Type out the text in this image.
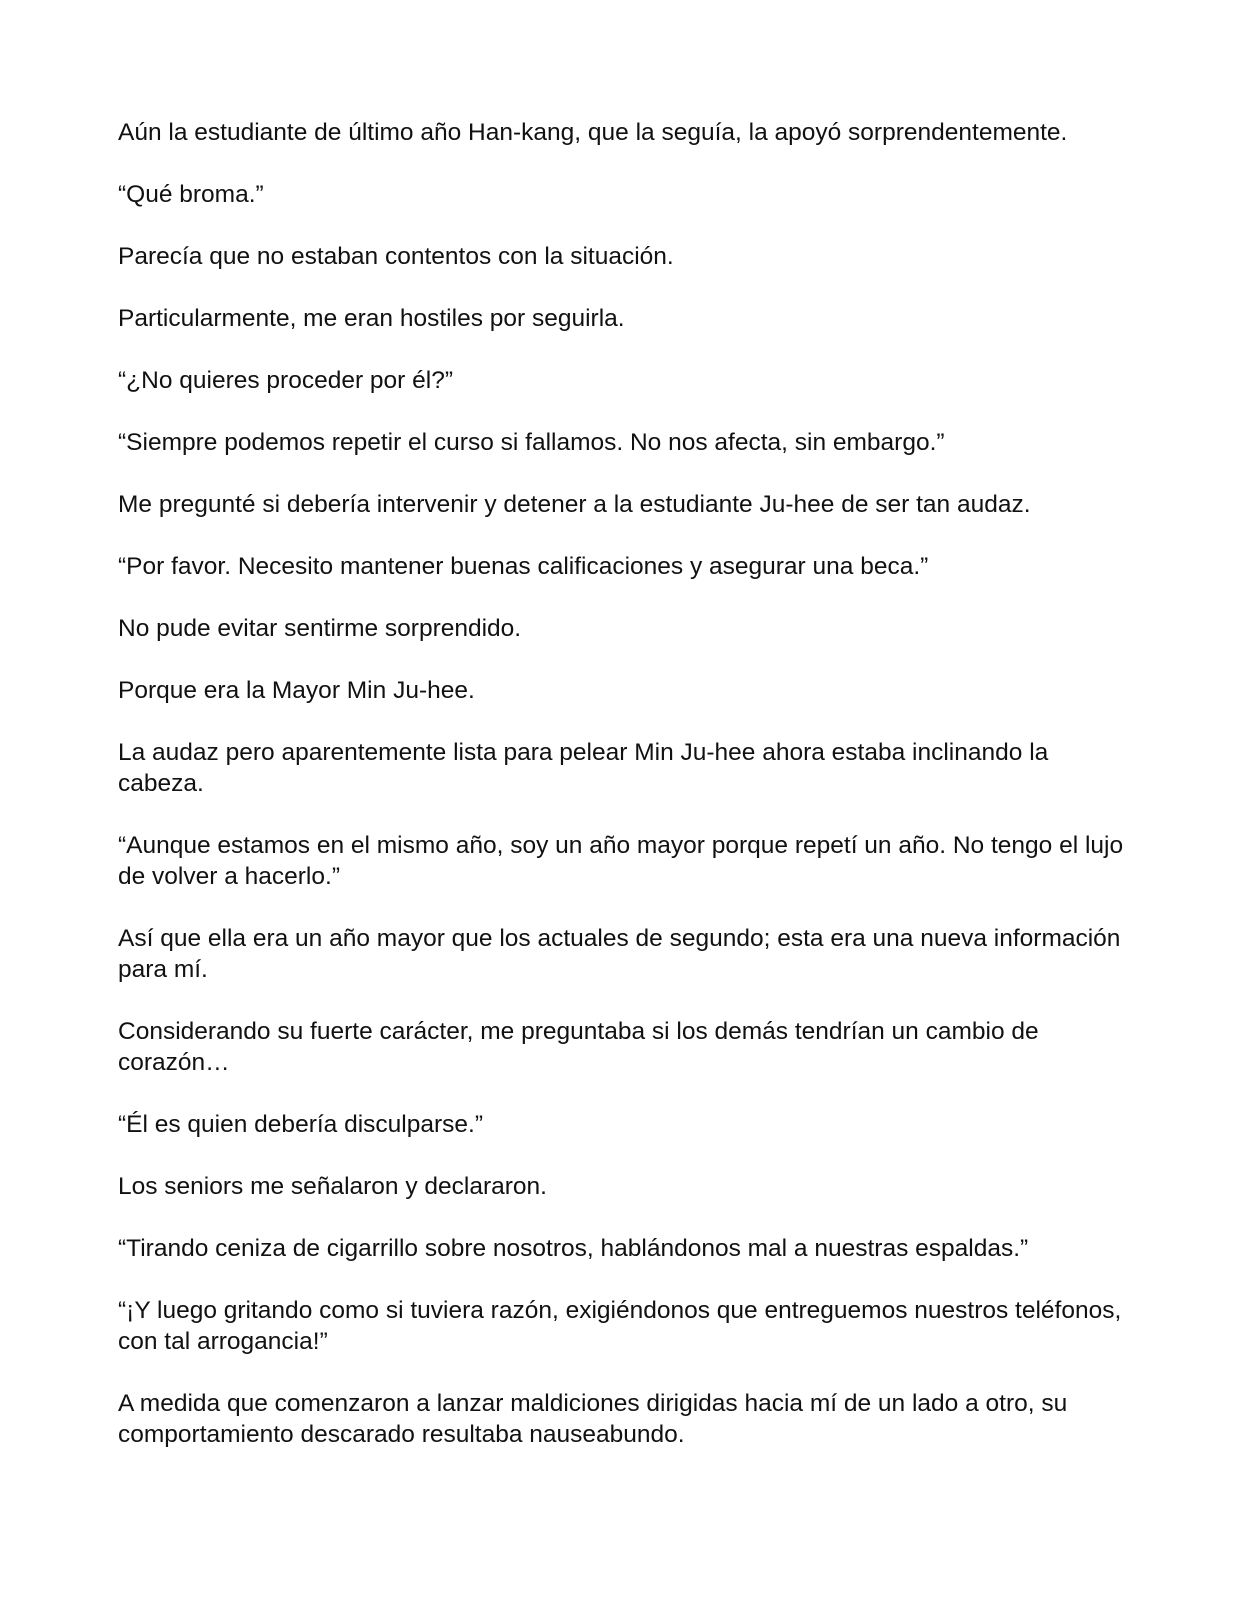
Aún la estudiante de último año Han-kang, que la seguía, la apoyó sorprendentemente.

“Qué broma.”

Parecía que no estaban contentos con la situación.

Particularmente, me eran hostiles por seguirla.

“¿No quieres proceder por él?”

“Siempre podemos repetir el curso si fallamos. No nos afecta, sin embargo.”

Me pregunté si debería intervenir y detener a la estudiante Ju-hee de ser tan audaz.

“Por favor. Necesito mantener buenas calificaciones y asegurar una beca.”

No pude evitar sentirme sorprendido.

Porque era la Mayor Min Ju-hee.

La audaz pero aparentemente lista para pelear Min Ju-hee ahora estaba inclinando la cabeza.

“Aunque estamos en el mismo año, soy un año mayor porque repetí un año. No tengo el lujo de volver a hacerlo.”

Así que ella era un año mayor que los actuales de segundo; esta era una nueva información para mí.

Considerando su fuerte carácter, me preguntaba si los demás tendrían un cambio de corazón…

“Él es quien debería disculparse.”

Los seniors me señalaron y declararon.

“Tirando ceniza de cigarrillo sobre nosotros, hablándonos mal a nuestras espaldas.”

“¡Y luego gritando como si tuviera razón, exigiéndonos que entreguemos nuestros teléfonos, con tal arrogancia!”

A medida que comenzaron a lanzar maldiciones dirigidas hacia mí de un lado a otro, su comportamiento descarado resultaba nauseabundo.
